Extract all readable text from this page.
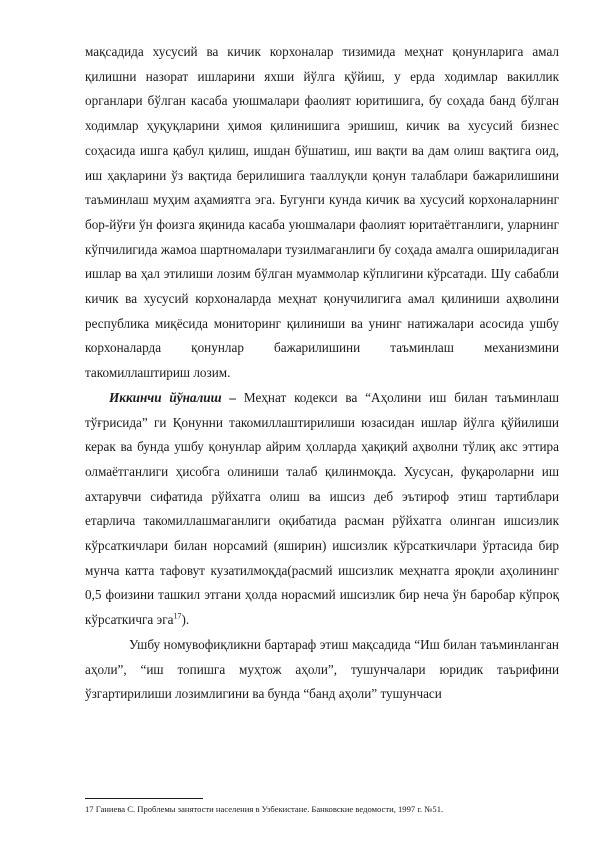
мақсадида хусусий ва кичик корхоналар тизимида меҳнат қонунларига амал қилишни назорат ишларини яхши йўлга қўйиш, у ерда ходимлар вакиллик органлари бўлган касаба уюшмалари фаолият юритишига, бу соҳада банд бўлган ходимлар ҳуқуқларини ҳимоя қилинишига эришиш, кичик ва хусусий бизнес соҳасида ишга қабул қилиш, ишдан бўшатиш, иш вақти ва дам олиш вақтига оид, иш ҳақларини ўз вақтида берилишига тааллуқли қонун талаблари бажарилишини таъминлаш муҳим аҳамиятга эга. Бугунги кунда кичик ва хусусий корхоналарнинг бор-йўғи ўн фоизга яқинида касаба уюшмалари фаолият юритаётганлиги, уларнинг кўпчилигида жамоа шартномалари тузилмаганлиги бу соҳада амалга ошириладиган ишлар ва ҳал этилиши лозим бўлган муаммолар кўплигини кўрсатади. Шу сабабли кичик ва хусусий корхоналарда меҳнат қонучилигига амал қилиниши аҳволини республика миқёсида мониторинг қилиниши ва унинг натижалари асосида ушбу корхоналарда қонунлар бажарилишини таъминлаш механизмини такомиллаштириш лозим.

Иккинчи йўналиш – Меҳнат кодекси ва “Аҳолини иш билан таъминлаш тўғрисида” ги Қонунни такомиллаштирилиши юзасидан ишлар йўлга қўйилиши керак ва бунда ушбу қонунлар айрим ҳолларда ҳақиқий аҳволни тўлиқ акс эттира олмаётганлиги ҳисобга олиниши талаб қилинмоқда. Хусусан, фуқароларни иш ахтарувчи сифатида рўйхатга олиш ва ишсиз деб эътироф этиш тартиблари етарлича такомиллашмаганлиги оқибатида расман рўйхатга олинган ишсизлик кўрсаткичлари билан норсамий (яширин) ишсизлик кўрсаткичлари ўртасида бир мунча катта тафовут кузатилмоқда(расмий ишсизлик меҳнатга яроқли аҳолининг 0,5 фоизини ташкил этгани ҳолда норасмий ишсизлик бир неча ўн баробар кўпроқ кўрсаткичга эга$^{17}$).

Ушбу номувофиқликни бартараф этиш мақсадида “Иш билан таъминланган аҳоли”, “иш топишга муҳтож аҳоли”, тушунчалари юридик таърифини ўзгартирилиши лозимлигини ва бунда “банд аҳоли” тушунчаси

17 Ганиева С. Проблемы занятости населения в Узбекистане. Банковские ведомости, 1997 г. №51.
